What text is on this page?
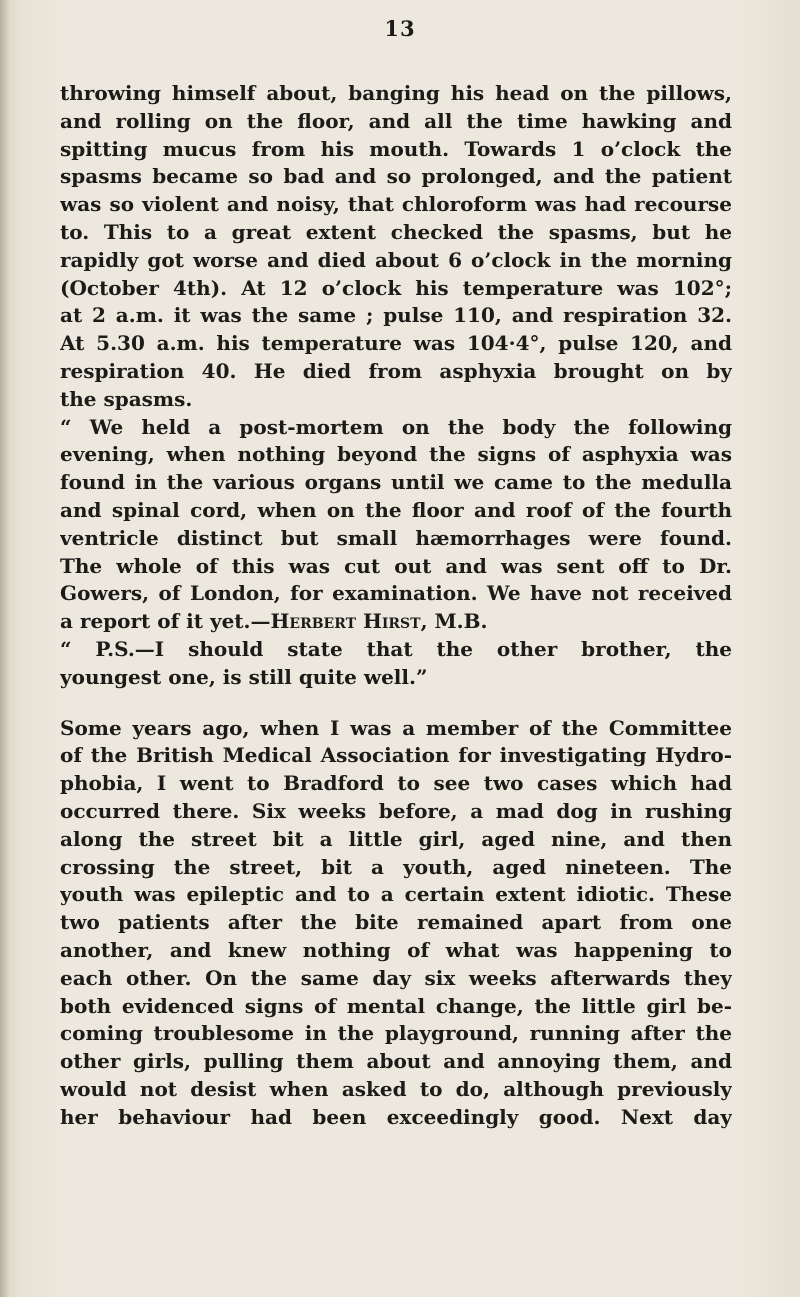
13
throwing himself about, banging his head on the pillows,
and rolling on the floor, and all the time hawking and
spitting mucus from his mouth. Towards 1 o’clock the
spasms became so bad and so prolonged, and the patient
was so violent and noisy, that chloroform was had recourse
to. This to a great extent checked the spasms, but he
rapidly got worse and died about 6 o’clock in the morning
(October 4th). At 12 o’clock his temperature was 102°;
at 2 a.m. it was the same ; pulse 110, and respiration 32.
At 5.30 a.m. his temperature was 104·4°, pulse 120, and
respiration 40. He died from asphyxia brought on by
the spasms.
“ We held a post-mortem on the body the following
evening, when nothing beyond the signs of asphyxia was
found in the various organs until we came to the medulla
and spinal cord, when on the floor and roof of the fourth
ventricle distinct but small hæmorrhages were found.
The whole of this was cut out and was sent off to Dr.
Gowers, of London, for examination. We have not received
a report of it yet.—Herbert Hirst, M.B.
“ P.S.—I should state that the other brother, the
youngest one, is still quite well.”
Some years ago, when I was a member of the Committee
of the British Medical Association for investigating Hydro-
phobia, I went to Bradford to see two cases which had
occurred there. Six weeks before, a mad dog in rushing
along the street bit a little girl, aged nine, and then
crossing the street, bit a youth, aged nineteen. The
youth was epileptic and to a certain extent idiotic. These
two patients after the bite remained apart from one
another, and knew nothing of what was happening to
each other. On the same day six weeks afterwards they
both evidenced signs of mental change, the little girl be-
coming troublesome in the playground, running after the
other girls, pulling them about and annoying them, and
would not desist when asked to do, although previously
her behaviour had been exceedingly good. Next day
